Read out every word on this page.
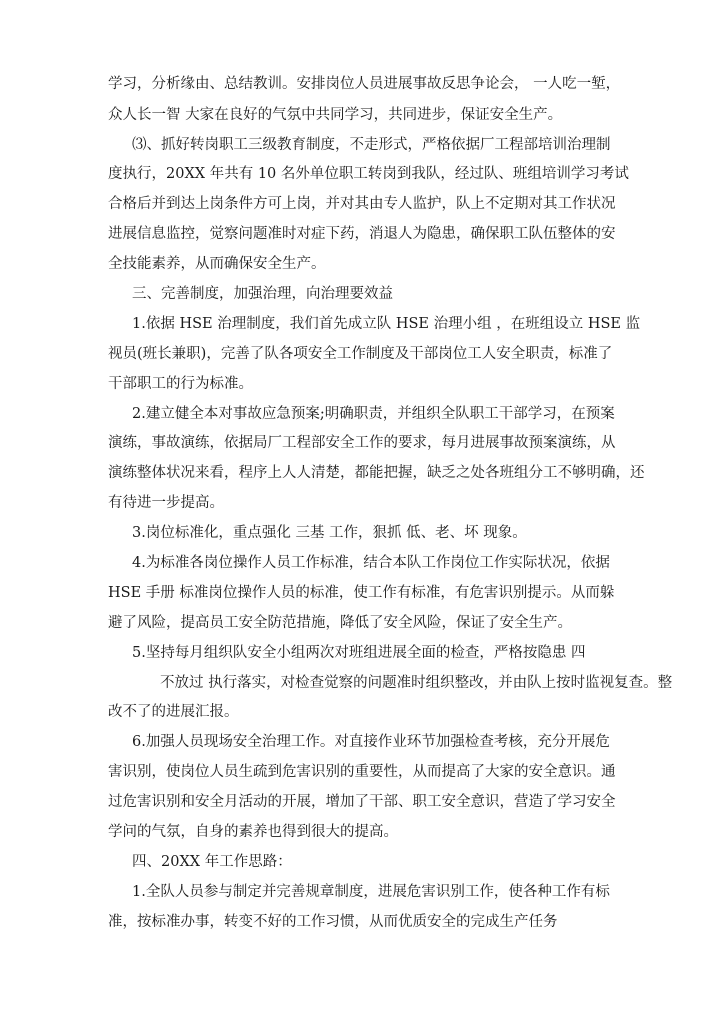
学习，分析缘由、总结教训。安排岗位人员进展事故反思争论会， 一人吃一堑，
众人长一智 大家在良好的气氛中共同学习，共同进步，保证安全生产。
⑶、抓好转岗职工三级教育制度，不走形式，严格依据厂工程部培训治理制
度执行，20XX 年共有 10 名外单位职工转岗到我队，经过队、班组培训学习考试
合格后并到达上岗条件方可上岗，并对其由专人监护，队上不定期对其工作状况
进展信息监控，觉察问题准时对症下药，消退人为隐患，确保职工队伍整体的安
全技能素养，从而确保安全生产。
三、完善制度，加强治理，向治理要效益
1.依据 HSE 治理制度，我们首先成立队 HSE 治理小组 ，在班组设立 HSE 监
视员(班长兼职)，完善了队各项安全工作制度及干部岗位工人安全职责，标准了
干部职工的行为标准。
2.建立健全本对事故应急预案;明确职责，并组织全队职工干部学习，在预案
演练，事故演练，依据局厂工程部安全工作的要求，每月进展事故预案演练，从
演练整体状况来看，程序上人人清楚，都能把握，缺乏之处各班组分工不够明确，还
有待进一步提高。
3.岗位标准化，重点强化 三基 工作，狠抓 低、老、坏 现象。
4.为标准各岗位操作人员工作标准，结合本队工作岗位工作实际状况，依据
HSE 手册 标准岗位操作人员的标准，使工作有标准，有危害识别提示。从而躲
避了风险，提高员工安全防范措施，降低了安全风险，保证了安全生产。
5.坚持每月组织队安全小组两次对班组进展全面的检查，严格按隐患 四
不放过 执行落实，对检查觉察的问题准时组织整改，并由队上按时监视复查。整
改不了的进展汇报。
6.加强人员现场安全治理工作。对直接作业环节加强检查考核，充分开展危
害识别，使岗位人员生疏到危害识别的重要性，从而提高了大家的安全意识。通
过危害识别和安全月活动的开展，增加了干部、职工安全意识，营造了学习安全
学问的气氛，自身的素养也得到很大的提高。
四、20XX 年工作思路：
1.全队人员参与制定并完善规章制度，进展危害识别工作，使各种工作有标
准，按标准办事，转变不好的工作习惯，从而优质安全的完成生产任务
